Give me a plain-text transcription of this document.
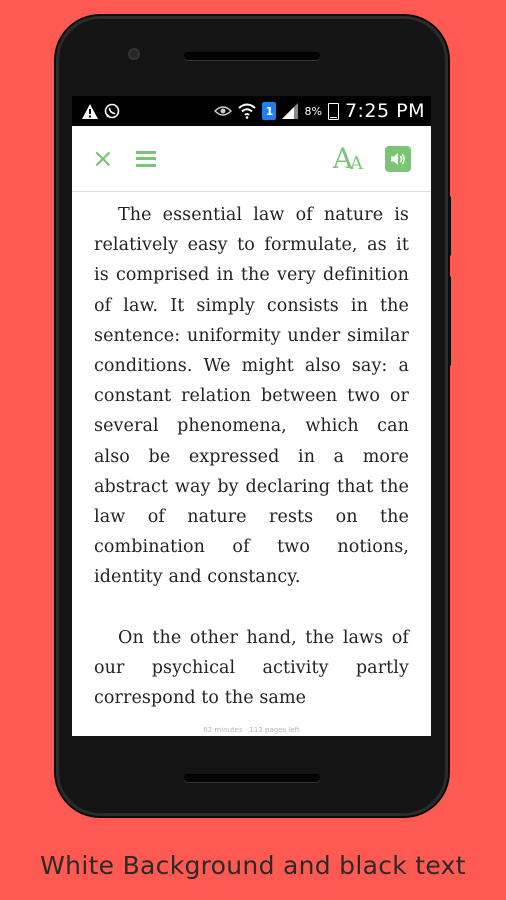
1	8% 7:25 PM
×	A
A

The essential law of nature is relatively easy to formulate, as it is comprised in the very definition of law. It simply consists in the sentence: uniformity under similar conditions. We might also say: a constant relation between two or several phenomena, which can also be expressed in a more abstract way by declaring that the law of nature rests on the combination of two notions, identity and constancy.

On the other hand, the laws of our psychical activity partly correspond to the same

62 minutes · 112 pages left
White Background and black text
